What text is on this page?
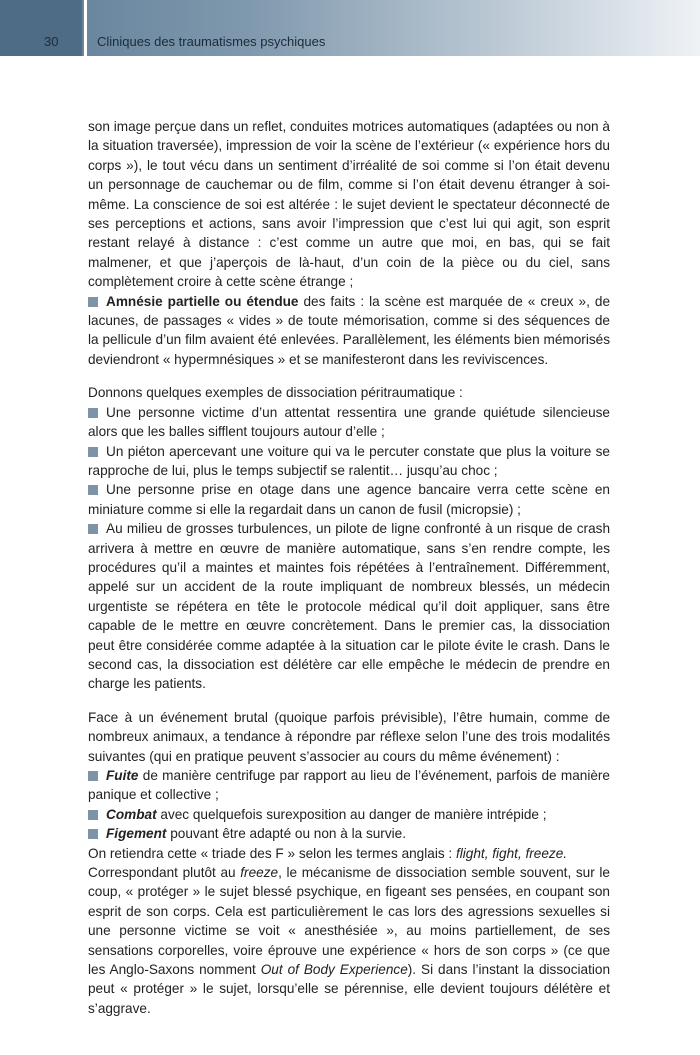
30	Cliniques des traumatismes psychiques

son image perçue dans un reflet, conduites motrices automatiques (adaptées ou non à la situation traversée), impression de voir la scène de l’extérieur (« expérience hors du corps »), le tout vécu dans un sentiment d’irréalité de soi comme si l’on était devenu un personnage de cauchemar ou de film, comme si l’on était devenu étranger à soi-même. La conscience de soi est altérée : le sujet devient le spectateur déconnecté de ses perceptions et actions, sans avoir l’impression que c’est lui qui agit, son esprit restant relayé à distance : c’est comme un autre que moi, en bas, qui se fait malmener, et que j’aperçois de là-haut, d’un coin de la pièce ou du ciel, sans complètement croire à cette scène étrange ;

Amnésie partielle ou étendue des faits : la scène est marquée de « creux », de lacunes, de passages « vides » de toute mémorisation, comme si des séquences de la pellicule d’un film avaient été enlevées. Parallèlement, les éléments bien mémorisés deviendront « hypermnésiques » et se manifesteront dans les reviviscences.

Donnons quelques exemples de dissociation péritraumatique :

Une personne victime d’un attentat ressentira une grande quiétude silencieuse alors que les balles sifflent toujours autour d’elle ;

Un piéton apercevant une voiture qui va le percuter constate que plus la voiture se rapproche de lui, plus le temps subjectif se ralentit… jusqu’au choc ;

Une personne prise en otage dans une agence bancaire verra cette scène en miniature comme si elle la regardait dans un canon de fusil (micropsie) ;

Au milieu de grosses turbulences, un pilote de ligne confronté à un risque de crash arrivera à mettre en œuvre de manière automatique, sans s’en rendre compte, les procédures qu’il a maintes et maintes fois répétées à l’entraînement. Différemment, appelé sur un accident de la route impliquant de nombreux blessés, un médecin urgentiste se répétera en tête le protocole médical qu’il doit appliquer, sans être capable de le mettre en œuvre concrètement. Dans le premier cas, la dissociation peut être considérée comme adaptée à la situation car le pilote évite le crash. Dans le second cas, la dissociation est délétère car elle empêche le médecin de prendre en charge les patients.

Face à un événement brutal (quoique parfois prévisible), l’être humain, comme de nombreux animaux, a tendance à répondre par réflexe selon l’une des trois modalités suivantes (qui en pratique peuvent s’associer au cours du même événement) :

Fuite de manière centrifuge par rapport au lieu de l’événement, parfois de manière panique et collective ;

Combat avec quelquefois surexposition au danger de manière intrépide ;

Figement pouvant être adapté ou non à la survie.

On retiendra cette « triade des F » selon les termes anglais : flight, fight, freeze.

Correspondant plutôt au freeze, le mécanisme de dissociation semble souvent, sur le coup, « protéger » le sujet blessé psychique, en figeant ses pensées, en coupant son esprit de son corps. Cela est particulièrement le cas lors des agressions sexuelles si une personne victime se voit « anesthésiée », au moins partiellement, de ses sensations corporelles, voire éprouve une expérience « hors de son corps » (ce que les Anglo-Saxons nomment Out of Body Experience). Si dans l’instant la dissociation peut « protéger » le sujet, lorsqu’elle se pérennise, elle devient toujours délétère et s’aggrave.
